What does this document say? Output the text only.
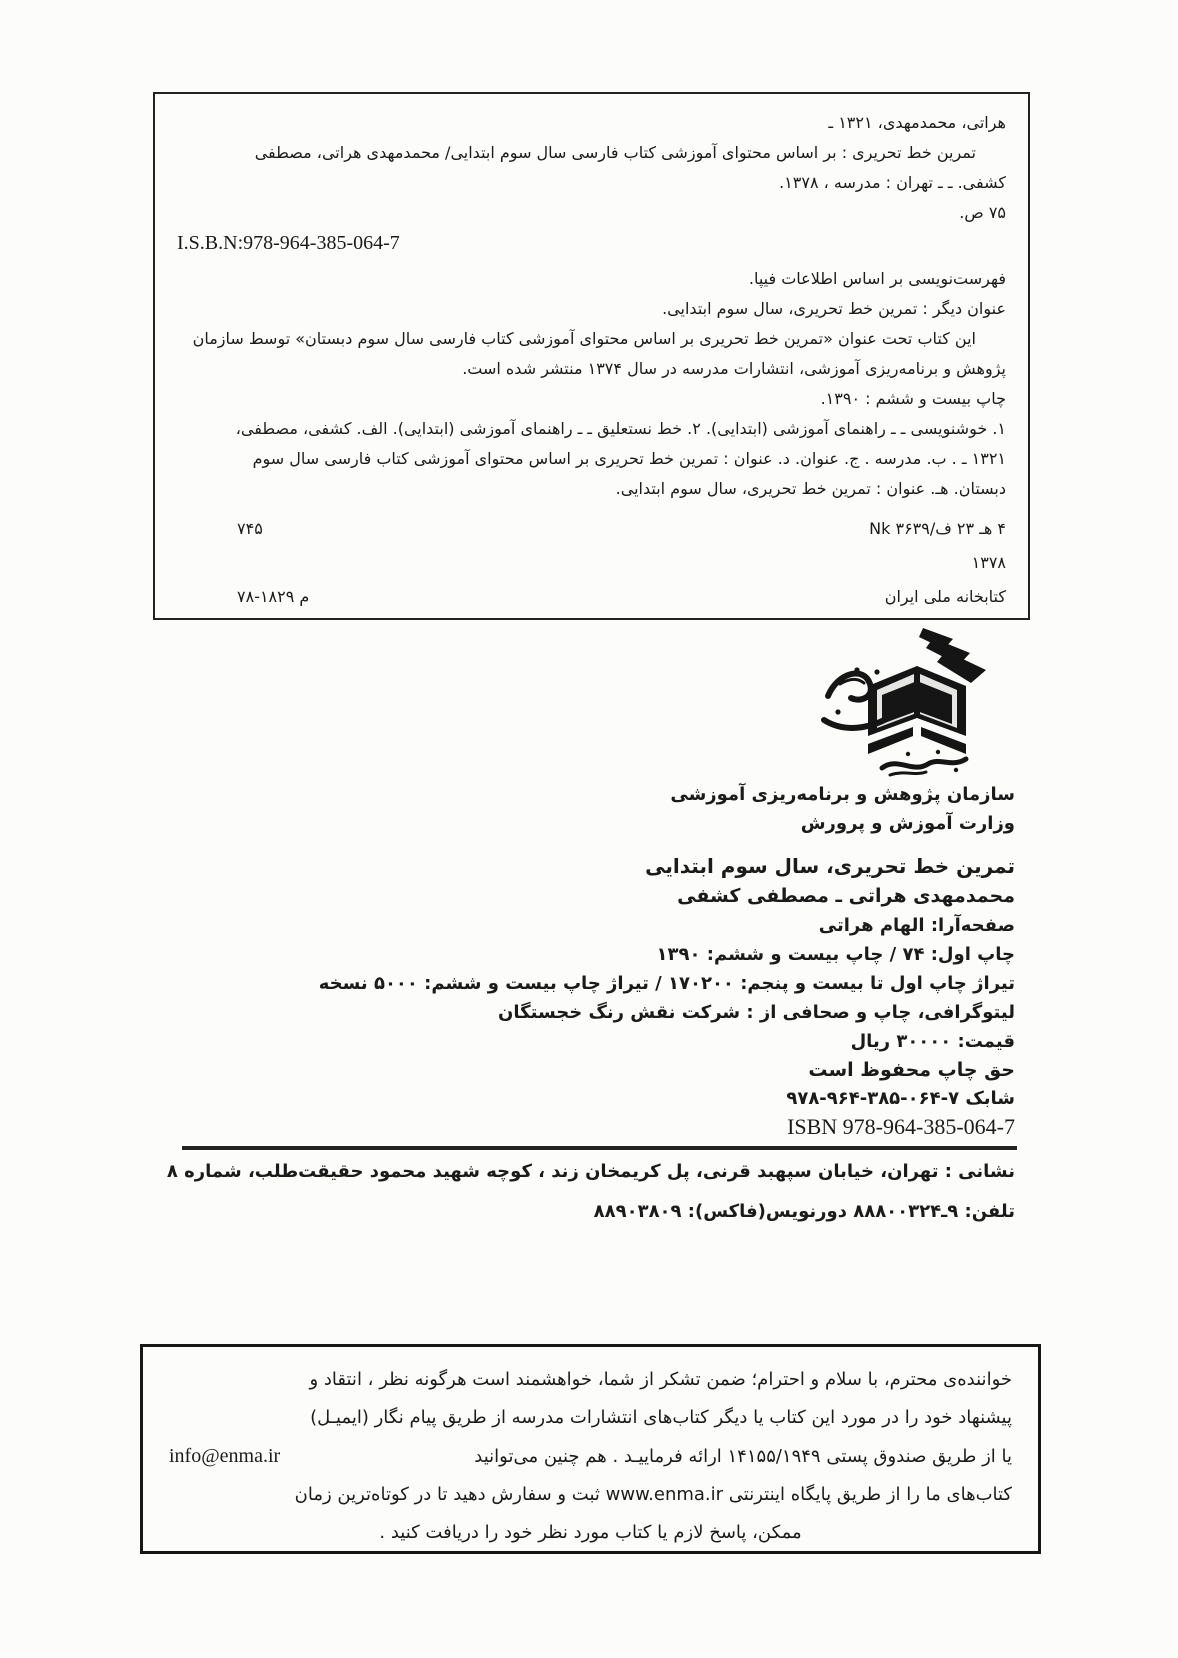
هراتی، محمدمهدی، ۱۳۲۱ ـ
تمرین خط تحریری : بر اساس محتوای آموزشی کتاب فارسی سال سوم ابتدایی/ محمدمهدی هراتی، مصطفی
کشفی. ـ ـ تهران : مدرسه ، ۱۳۷۸.
۷۵ ص.
I.S.B.N:978-964-385-064-7
فهرست‌نویسی بر اساس اطلاعات فیپا.
عنوان دیگر : تمرین خط تحریری، سال سوم ابتدایی.
این کتاب تحت عنوان «تمرین خط تحریری بر اساس محتوای آموزشی کتاب فارسی سال سوم دبستان» توسط سازمان
پژوهش و برنامه‌ریزی آموزشی، انتشارات مدرسه در سال ۱۳۷۴ منتشر شده است.
چاپ بیست و ششم : ۱۳۹۰.
۱. خوشنویسی ـ ـ راهنمای آموزشی (ابتدایی). ۲. خط نستعلیق ـ ـ راهنمای آموزشی (ابتدایی). الف. کشفی، مصطفی،
۱۳۲۱ ـ . ب. مدرسه . ج. عنوان. د. عنوان : تمرین خط تحریری بر اساس محتوای آموزشی کتاب فارسی سال سوم
دبستان. هـ. عنوان : تمرین خط تحریری، سال سوم ابتدایی.
۴ هـ ۲۳ ف/۳۶۳۹ Nk
۷۴۵
۱۳۷۸
کتابخانه ملی ایران
۷۸-۱۸۲۹ م
سازمان پژوهش و برنامه‌ریزی آموزشی
وزارت آموزش و پرورش
تمرین خط تحریری، سال سوم ابتدایی
محمدمهدی هراتی ـ مصطفی کشفی
صفحه‌آرا: الهام هراتی
چاپ اول: ۷۴ / چاپ بیست و ششم: ۱۳۹۰
تیراژ چاپ اول تا بیست و پنجم: ۱۷۰۲۰۰ / تیراژ چاپ بیست و ششم: ۵۰۰۰ نسخه
لیتوگرافی، چاپ و صحافی از : شرکت نقش رنگ خجستگان
قیمت: ۳۰۰۰۰ ریال
حق چاپ محفوظ است
شابک ۹۷۸-۹۶۴-۳۸۵-۰۶۴-۷
ISBN 978-964-385-064-7
نشانی : تهران، خیابان سپهبد قرنی، پل کریمخان زند ، کوچه شهید محمود حقیقت‌طلب، شماره ۸
تلفن: ۹ـ۸۸۸۰۰۳۲۴ دورنویس(فاکس): ۸۸۹۰۳۸۰۹
خواننده‌ی محترم، با سلام و احترام؛ ضمن تشکر از شما، خواهشمند است هرگونه نظر ، انتقاد و
پیشنهاد خود را در مورد این کتاب یا دیگر کتاب‌های انتشارات مدرسه از طریق پیام نگار (ایمیـل)
یا از طریق صندوق پستی ۱۴۱۵۵/۱۹۴۹ ارائه فرماییـد . هم چنین می‌توانید
info@enma.ir
کتاب‌های ما را از طریق پایگاه اینترنتی www.enma.ir ثبت و سفارش دهید تا در کوتاه‌ترین زمان
ممکن، پاسخ لازم یا کتاب مورد نظر خود را دریافت کنید .
